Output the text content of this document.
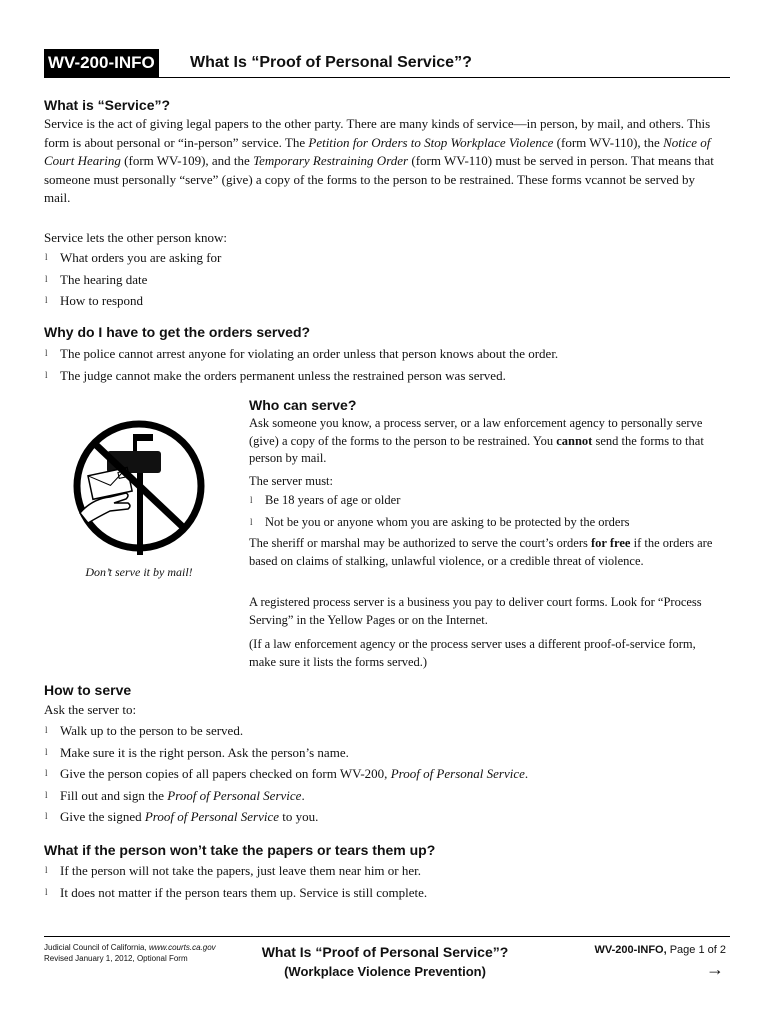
WV-200-INFO What Is “Proof of Personal Service”?
What is “Service”?

Service is the act of giving legal papers to the other party. There are many kinds of service—in person, by mail, and others. This form is about personal or “in-person” service. The Petition for Orders to Stop Workplace Violence (form WV-110), the Notice of Court Hearing (form WV-109), and the Temporary Restraining Order (form WV-110) must be served in person. That means that someone must personally “serve” (give) a copy of the forms to the person to be restrained. These forms vcannot be served by mail.

Service lets the other person know:

l What orders you are asking for
l The hearing date
l How to respond
Why do I have to get the orders served?
l The police cannot arrest anyone for violating an order unless that person knows about the order.
l The judge cannot make the orders permanent unless the restrained person was served.
Don’t serve it by mail!
Who can serve?

Ask someone you know, a process server, or a law enforcement agency to personally serve (give) a copy of the forms to the person to be restrained. You cannot send the forms to that person by mail.

The server must:

l Be 18 years of age or older
l Not be you or anyone whom you are asking to be protected by the orders

The sheriff or marshal may be authorized to serve the court’s orders for free if the orders are based on claims of stalking, unlawful violence, or a credible threat of violence.

A registered process server is a business you pay to deliver court forms. Look for “Process Serving” in the Yellow Pages or on the Internet.

(If a law enforcement agency or the process server uses a different proof-of-service form, make sure it lists the forms served.)

How to serve

Ask the server to:

l Walk up to the person to be served.
l Make sure it is the right person. Ask the person’s name.
l Give the person copies of all papers checked on form WV-200, Proof of Personal Service.
l Fill out and sign the Proof of Personal Service.
l Give the signed Proof of Personal Service to you.
What if the person won’t take the papers or tears them up?
l If the person will not take the papers, just leave them near him or her.
l It does not matter if the person tears them up. Service is still complete.
Judicial Council of California, www.courts.ca.gov
Revised January 1, 2012, Optional Form	What Is “Proof of Personal Service”?
(Workplace Violence Prevention)
WV-200-INFO, Page 1 of 2
→
